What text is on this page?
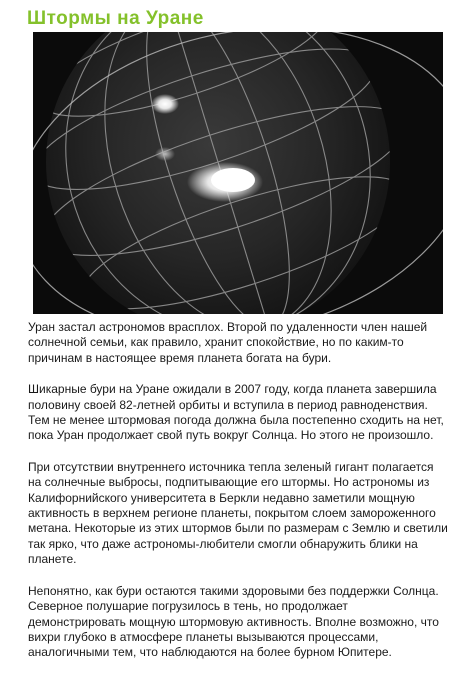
Штормы на Уране

Уран застал астрономов врасплох. Второй по удаленности член нашей солнечной семьи, как правило, хранит спокойствие, но по каким-то причинам в настоящее время планета богата на бури.

Шикарные бури на Уране ожидали в 2007 году, когда планета завершила половину своей 82-летней орбиты и вступила в период равноденствия. Тем не менее штормовая погода должна была постепенно сходить на нет, пока Уран продолжает свой путь вокруг Солнца. Но этого не произошло.

При отсутствии внутреннего источника тепла зеленый гигант полагается на солнечные выбросы, подпитывающие его штормы. Но астрономы из Калифорнийского университета в Беркли недавно заметили мощную активность в верхнем регионе планеты, покрытом слоем замороженного метана. Некоторые из этих штормов были по размерам с Землю и светили так ярко, что даже астрономы-любители смогли обнаружить блики на планете.

Непонятно, как бури остаются такими здоровыми без поддержки Солнца. Северное полушарие погрузилось в тень, но продолжает демонстрировать мощную штормовую активность. Вполне возможно, что вихри глубоко в атмосфере планеты вызываются процессами, аналогичными тем, что наблюдаются на более бурном Юпитере.
